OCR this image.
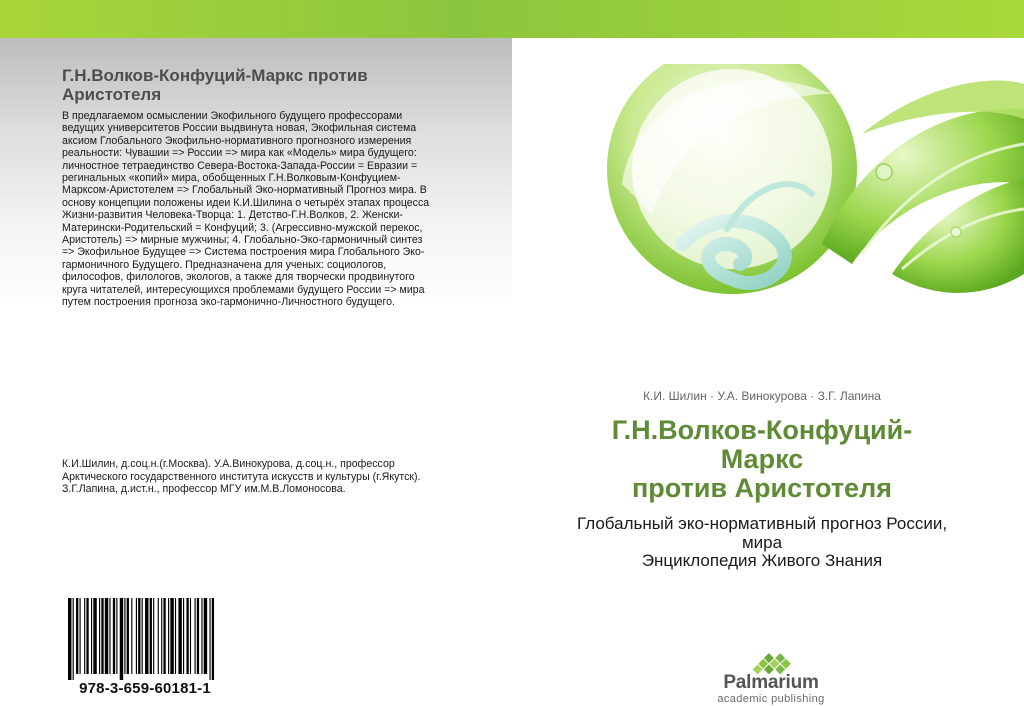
Г.Н.Волков-Конфуций-Маркс против
Аристотеля
В предлагаемом осмыслении Экофильного будущего профессорами
ведущих университетов России выдвинута новая, Экофильная система
аксиом Глобального Экофильно-нормативного прогнозного измерения
реальности: Чувашии => России => мира как «Модель» мира будущего:
личностное тетраединство Севера-Востока-Запада-России = Евразии =
регинальных «копий» мира, обобщенных Г.Н.Волковым-Конфуцием-
Марксом-Аристотелем => Глобальный Эко-нормативный Прогноз мира. В
основу концепции положены идеи К.И.Шилина о четырёх этапах процесса
Жизни-развития Человека-Творца: 1. Детство-Г.Н.Волков, 2. Женски-
Матерински-Родительский = Конфуций; 3. (Агрессивно-мужской перекос,
Аристотель) => мирные мужчины; 4. Глобально-Эко-гармоничный синтез
=> Экофильное Будущее => Система построения мира Глобального Эко-
гармоничного Будущего. Предназначена для ученых: социологов,
философов, филологов, экологов, а также для творчески продвинутого
круга читателей, интересующихся проблемами будущего России => мира
путем построения прогноза эко-гармонично-Личностного будущего.
К.И.Шилин, д.соц.н.(г.Москва). У.А.Винокурова, д.соц.н., профессор
Арктического государственного института искусств и культуры (г.Якутск).
З.Г.Лапина, д.ист.н., профессор МГУ им.М.В.Ломоносова.
978-3-659-60181-1
К.И. Шилин · У.А. Винокурова · З.Г. Лапина
Г.Н.Волков-Конфуций-
Маркс
против Аристотеля
Глобальный эко-нормативный прогноз России,
мира
Энциклопедия Живого Знания
Palmarium
academic publishing
